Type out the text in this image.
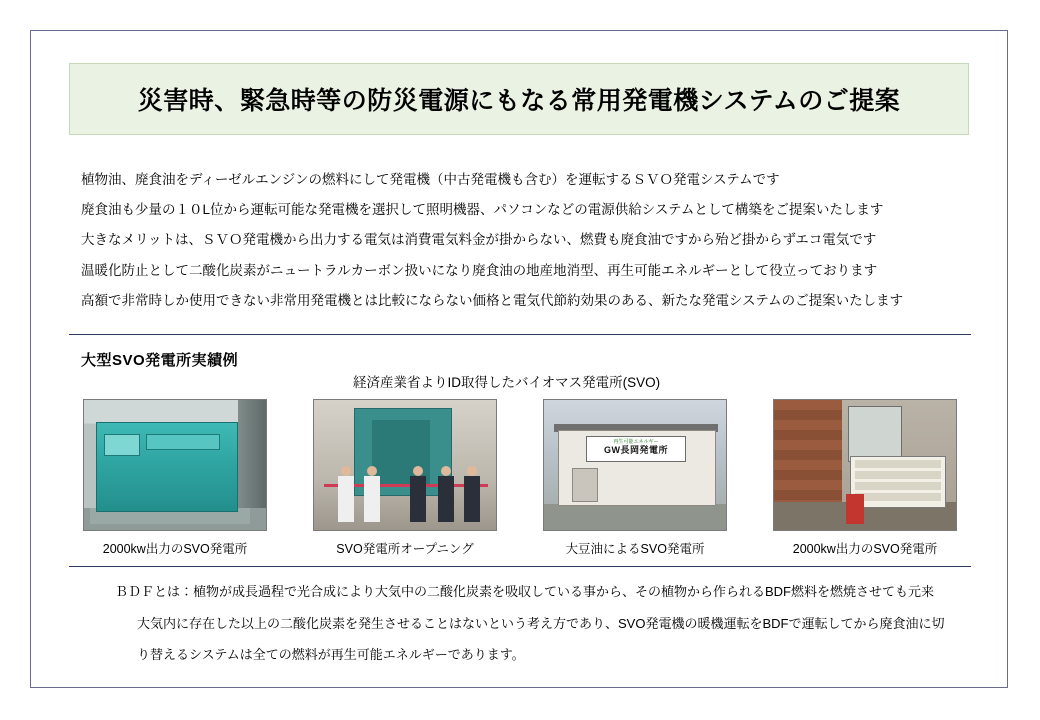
災害時、緊急時等の防災電源にもなる常用発電機システムのご提案

植物油、廃食油をディーゼルエンジンの燃料にして発電機（中古発電機も含む）を運転するＳＶＯ発電システムです

廃食油も少量の１０L位から運転可能な発電機を選択して照明機器、パソコンなどの電源供給システムとして構築をご提案いたします

大きなメリットは、ＳＶＯ発電機から出力する電気は消費電気料金が掛からない、燃費も廃食油ですから殆ど掛からずエコ電気です

温暖化防止として二酸化炭素がニュートラルカーボン扱いになり廃食油の地産地消型、再生可能エネルギーとして役立っております

高額で非常時しか使用できない非常用発電機とは比較にならない価格と電気代節約効果のある、新たな発電システムのご提案いたします

大型SVO発電所実績例
経済産業省よりID取得したバイオマス発電所(SVO)
2000kw出力のSVO発電所	SVO発電所オープニング
再生可能エネルギー
GW長岡発電所
大豆油によるSVO発電所	2000kw出力のSVO発電所

ＢＤＦとは：植物が成長過程で光合成により大気中の二酸化炭素を吸収している事から、その植物から作られるBDF燃料を燃焼させても元来

大気内に存在した以上の二酸化炭素を発生させることはないという考え方であり、SVO発電機の暖機運転をBDFで運転してから廃食油に切

り替えるシステムは全ての燃料が再生可能エネルギーであります。
